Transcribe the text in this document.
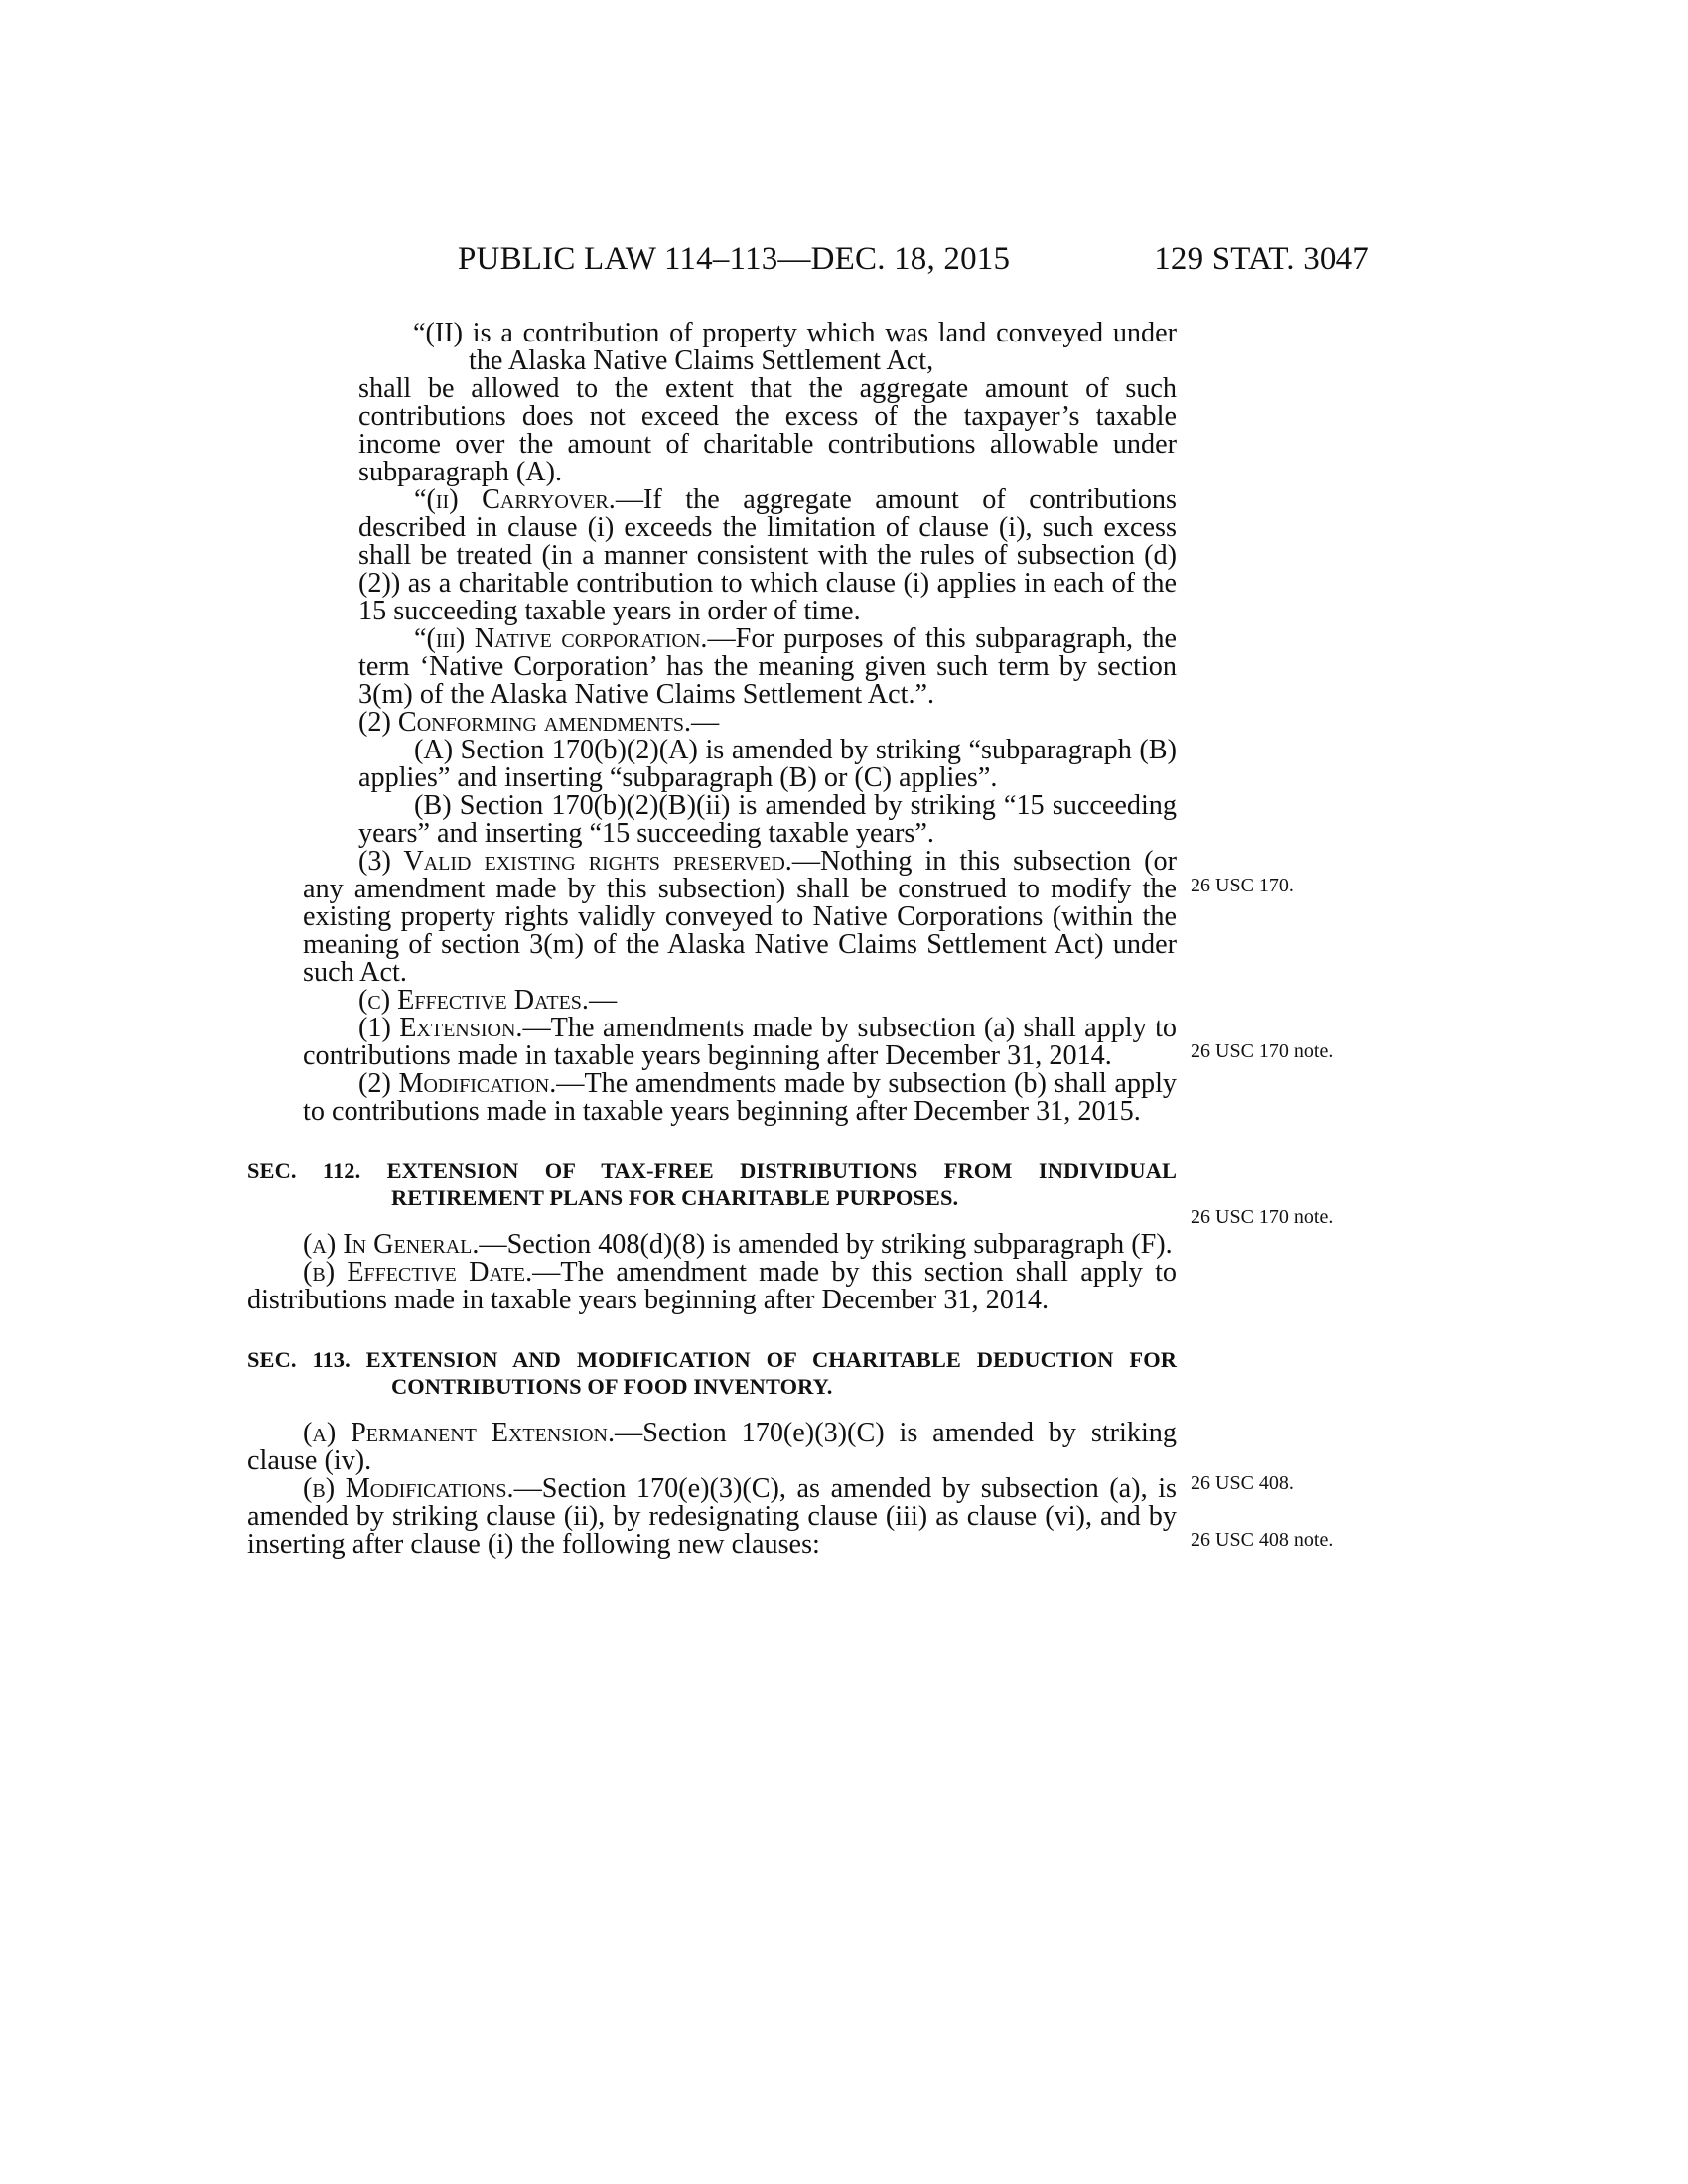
PUBLIC LAW 114–113—DEC. 18, 2015	129 STAT. 3047

“(II) is a contribution of property which was land conveyed under the Alaska Native Claims Settlement Act,

shall be allowed to the extent that the aggregate amount of such contributions does not exceed the excess of the taxpayer’s taxable income over the amount of charitable contributions allowable under subparagraph (A).

“(ii) Carryover.—If the aggregate amount of contributions described in clause (i) exceeds the limitation of clause (i), such excess shall be treated (in a manner consistent with the rules of subsection (d)(2)) as a charitable contribution to which clause (i) applies in each of the 15 succeeding taxable years in order of time.

“(iii) Native corporation.—For purposes of this subparagraph, the term ‘Native Corporation’ has the meaning given such term by section 3(m) of the Alaska Native Claims Settlement Act.”.

(2) Conforming amendments.—

(A) Section 170(b)(2)(A) is amended by striking “subparagraph (B) applies” and inserting “subparagraph (B) or (C) applies”.

(B) Section 170(b)(2)(B)(ii) is amended by striking “15 succeeding years” and inserting “15 succeeding taxable years”.

(3) Valid existing rights preserved.—Nothing in this subsection (or any amendment made by this subsection) shall be construed to modify the existing property rights validly conveyed to Native Corporations (within the meaning of section 3(m) of the Alaska Native Claims Settlement Act) under such Act.

(c) Effective Dates.—

(1) Extension.—The amendments made by subsection (a) shall apply to contributions made in taxable years beginning after December 31, 2014.

(2) Modification.—The amendments made by subsection (b) shall apply to contributions made in taxable years beginning after December 31, 2015.

SEC. 112. EXTENSION OF TAX-FREE DISTRIBUTIONS FROM INDIVIDUAL RETIREMENT PLANS FOR CHARITABLE PURPOSES.

(a) In General.—Section 408(d)(8) is amended by striking subparagraph (F).

(b) Effective Date.—The amendment made by this section shall apply to distributions made in taxable years beginning after December 31, 2014.

SEC. 113. EXTENSION AND MODIFICATION OF CHARITABLE DEDUCTION FOR CONTRIBUTIONS OF FOOD INVENTORY.

(a) Permanent Extension.—Section 170(e)(3)(C) is amended by striking clause (iv).

(b) Modifications.—Section 170(e)(3)(C), as amended by subsection (a), is amended by striking clause (ii), by redesignating clause (iii) as clause (vi), and by inserting after clause (i) the following new clauses:

26 USC 170.
26 USC 170 note.
26 USC 170 note.
26 USC 408.
26 USC 408 note.
